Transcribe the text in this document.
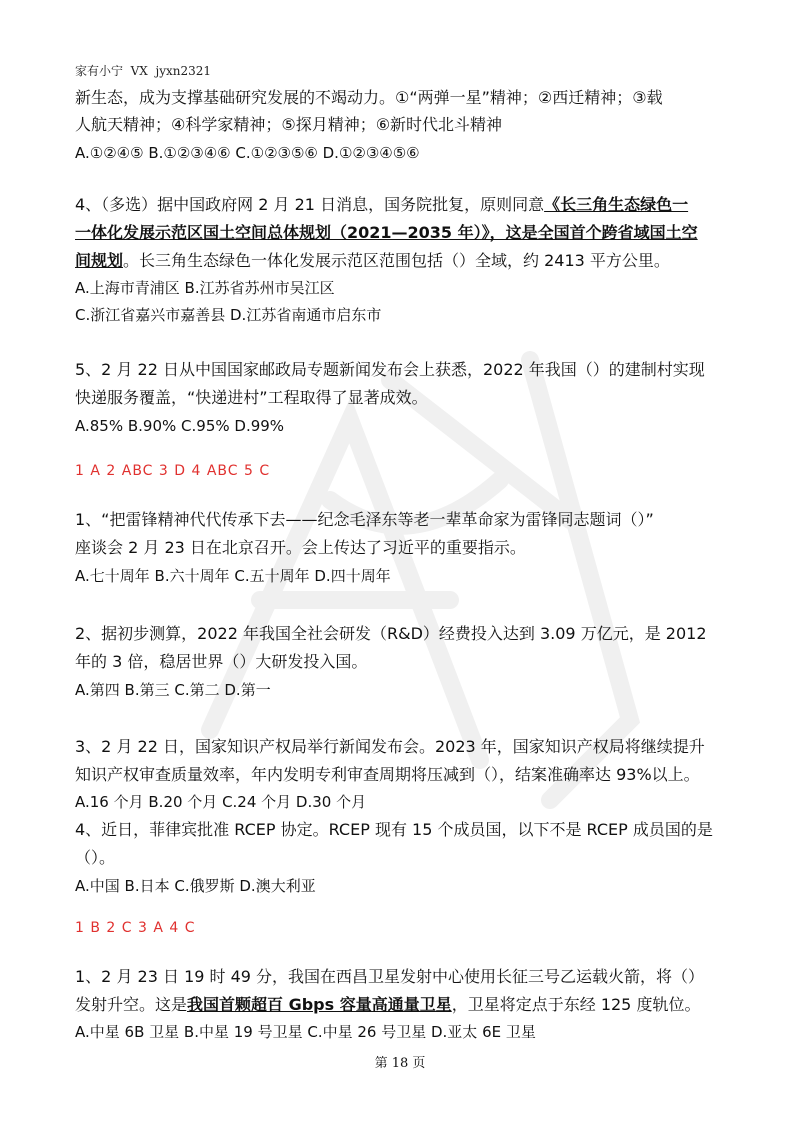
家有小宁  VX  jyxn2321
新生态，成为支撑基础研究发展的不竭动力。①“两弹一星”精神；②西迁精神；③载
人航天精神；④科学家精神；⑤探月精神；⑥新时代北斗精神
A.①②④⑤ B.①②③④⑥ C.①②③⑤⑥ D.①②③④⑤⑥
4、（多选）据中国政府网 2 月 21 日消息，国务院批复，原则同意《长三角生态绿色一
一体化发展示范区国土空间总体规划（2021—2035 年）》，这是全国首个跨省域国土空
间规划。长三角生态绿色一体化发展示范区范围包括（）全域，约 2413 平方公里。
A.上海市青浦区 B.江苏省苏州市吴江区
C.浙江省嘉兴市嘉善县 D.江苏省南通市启东市
5、2 月 22 日从中国国家邮政局专题新闻发布会上获悉，2022 年我国（）的建制村实现
快递服务覆盖，“快递进村”工程取得了显著成效。
A.85% B.90% C.95% D.99%
1 A 2 ABC 3 D 4 ABC 5 C
1、“把雷锋精神代代传承下去——纪念毛泽东等老一辈革命家为雷锋同志题词（）”
座谈会 2 月 23 日在北京召开。会上传达了习近平的重要指示。
A.七十周年 B.六十周年 C.五十周年 D.四十周年
2、据初步测算，2022 年我国全社会研发（R&D）经费投入达到 3.09 万亿元，是 2012
年的 3 倍，稳居世界（）大研发投入国。
A.第四 B.第三 C.第二 D.第一
3、2 月 22 日，国家知识产权局举行新闻发布会。2023 年，国家知识产权局将继续提升
知识产权审查质量效率，年内发明专利审查周期将压减到（），结案准确率达 93%以上。
A.16 个月 B.20 个月 C.24 个月 D.30 个月
4、近日，菲律宾批准 RCEP 协定。RCEP 现有 15 个成员国，以下不是 RCEP 成员国的是
（）。
A.中国 B.日本 C.俄罗斯 D.澳大利亚
1 B 2 C 3 A 4 C
1、2 月 23 日 19 时 49 分，我国在西昌卫星发射中心使用长征三号乙运载火箭，将（）
发射升空。这是我国首颗超百 Gbps 容量高通量卫星，卫星将定点于东经 125 度轨位。
A.中星 6B 卫星 B.中星 19 号卫星 C.中星 26 号卫星 D.亚太 6E 卫星
第 18 页
